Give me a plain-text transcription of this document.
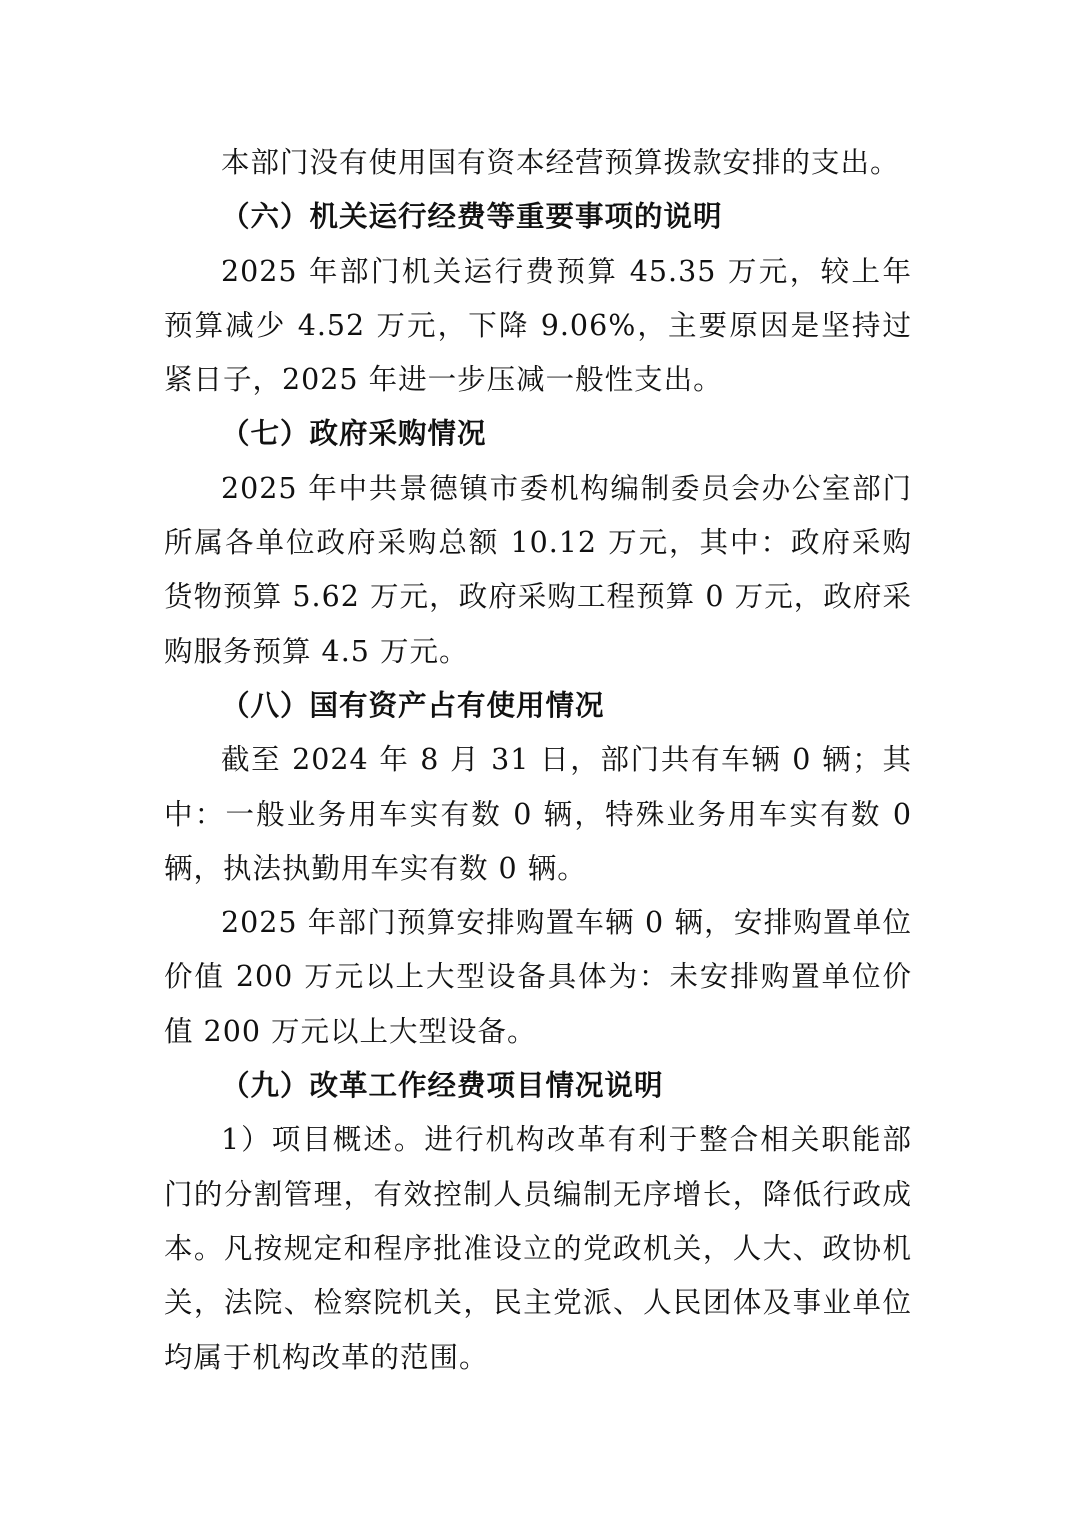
本部门没有使用国有资本经营预算拨款安排的支出。

（六）机关运行经费等重要事项的说明

2025 年部门机关运行费预算 45.35 万元，较上年预算减少 4.52 万元，下降 9.06%，主要原因是坚持过紧日子，2025 年进一步压减一般性支出。

（七）政府采购情况

2025 年中共景德镇市委机构编制委员会办公室部门所属各单位政府采购总额 10.12 万元，其中：政府采购货物预算 5.62 万元，政府采购工程预算 0 万元，政府采购服务预算 4.5 万元。

（八）国有资产占有使用情况

截至 2024 年 8 月 31 日，部门共有车辆 0 辆；其中：一般业务用车实有数 0 辆，特殊业务用车实有数 0 辆，执法执勤用车实有数 0 辆。

2025 年部门预算安排购置车辆 0 辆，安排购置单位价值 200 万元以上大型设备具体为：未安排购置单位价值 200 万元以上大型设备。

（九）改革工作经费项目情况说明

1）项目概述。进行机构改革有利于整合相关职能部门的分割管理，有效控制人员编制无序增长，降低行政成本。凡按规定和程序批准设立的党政机关，人大、政协机关，法院、检察院机关，民主党派、人民团体及事业单位均属于机构改革的范围。
